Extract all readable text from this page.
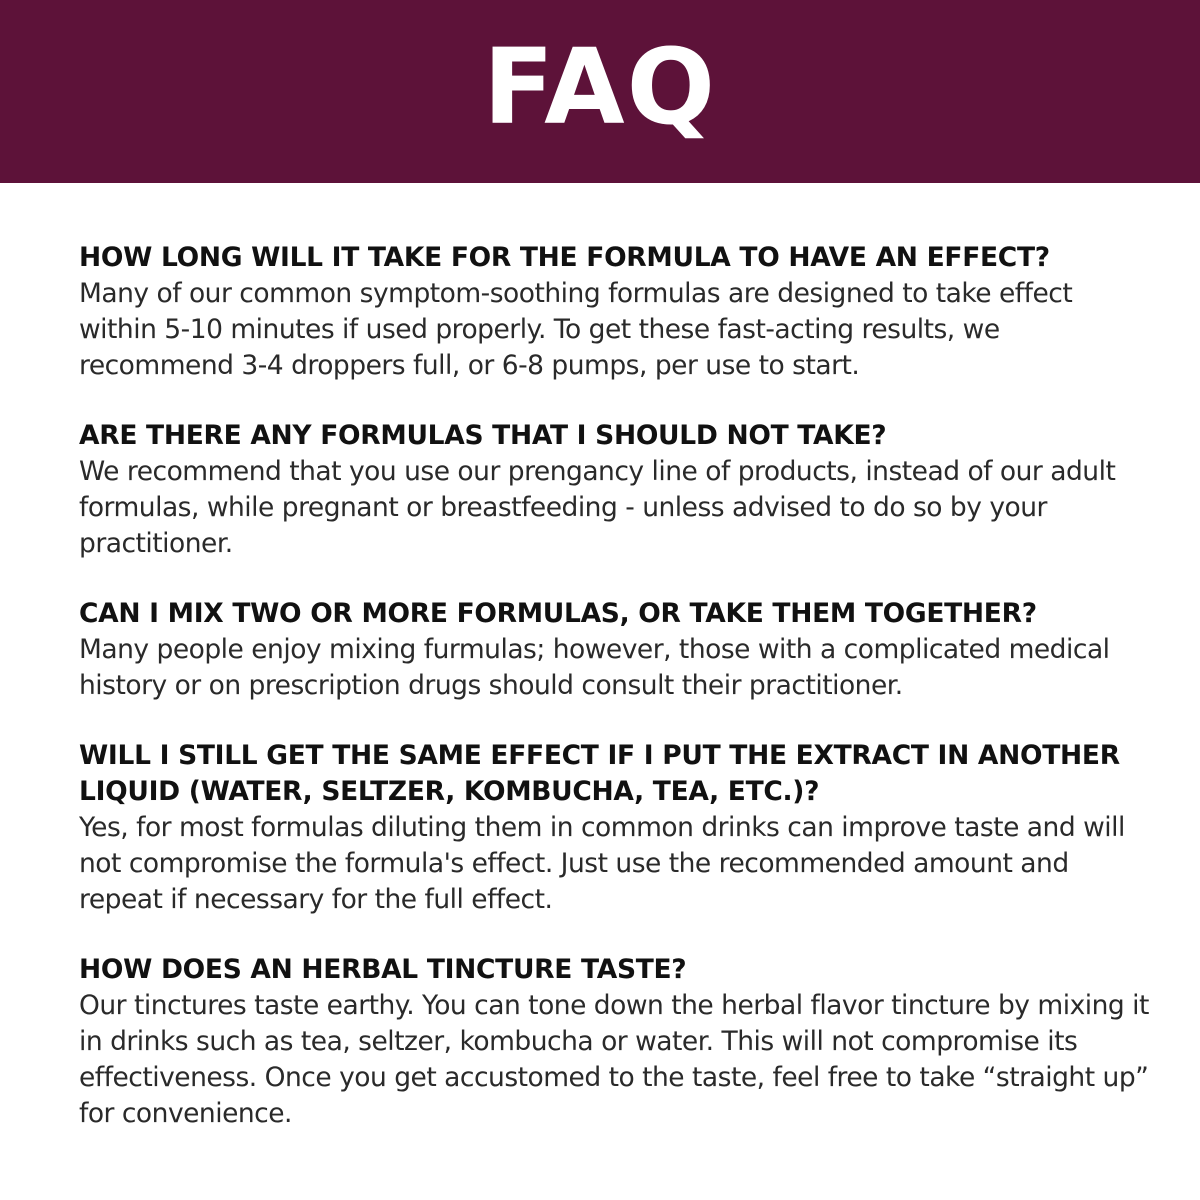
FAQ

HOW LONG WILL IT TAKE FOR THE FORMULA TO HAVE AN EFFECT?

Many of our common symptom-soothing formulas are designed to take effect within 5-10 minutes if used properly. To get these fast-acting results, we recommend 3-4 droppers full, or 6-8 pumps, per use to start.

ARE THERE ANY FORMULAS THAT I SHOULD NOT TAKE?

We recommend that you use our prengancy line of products, instead of our adult formulas, while pregnant or breastfeeding - unless advised to do so by your practitioner.

CAN I MIX TWO OR MORE FORMULAS, OR TAKE THEM TOGETHER?

Many people enjoy mixing furmulas; however, those with a complicated medical history or on prescription drugs should consult their practitioner.

WILL I STILL GET THE SAME EFFECT IF I PUT THE EXTRACT IN ANOTHER LIQUID (WATER, SELTZER, KOMBUCHA, TEA, ETC.)?

Yes, for most formulas diluting them in common drinks can improve taste and will not compromise the formula's effect. Just use the recommended amount and repeat if necessary for the full effect.

HOW DOES AN HERBAL TINCTURE TASTE?

Our tinctures taste earthy. You can tone down the herbal flavor tincture by mixing it in drinks such as tea, seltzer, kombucha or water. This will not compromise its effectiveness. Once you get accustomed to the taste, feel free to take “straight up” for convenience.
